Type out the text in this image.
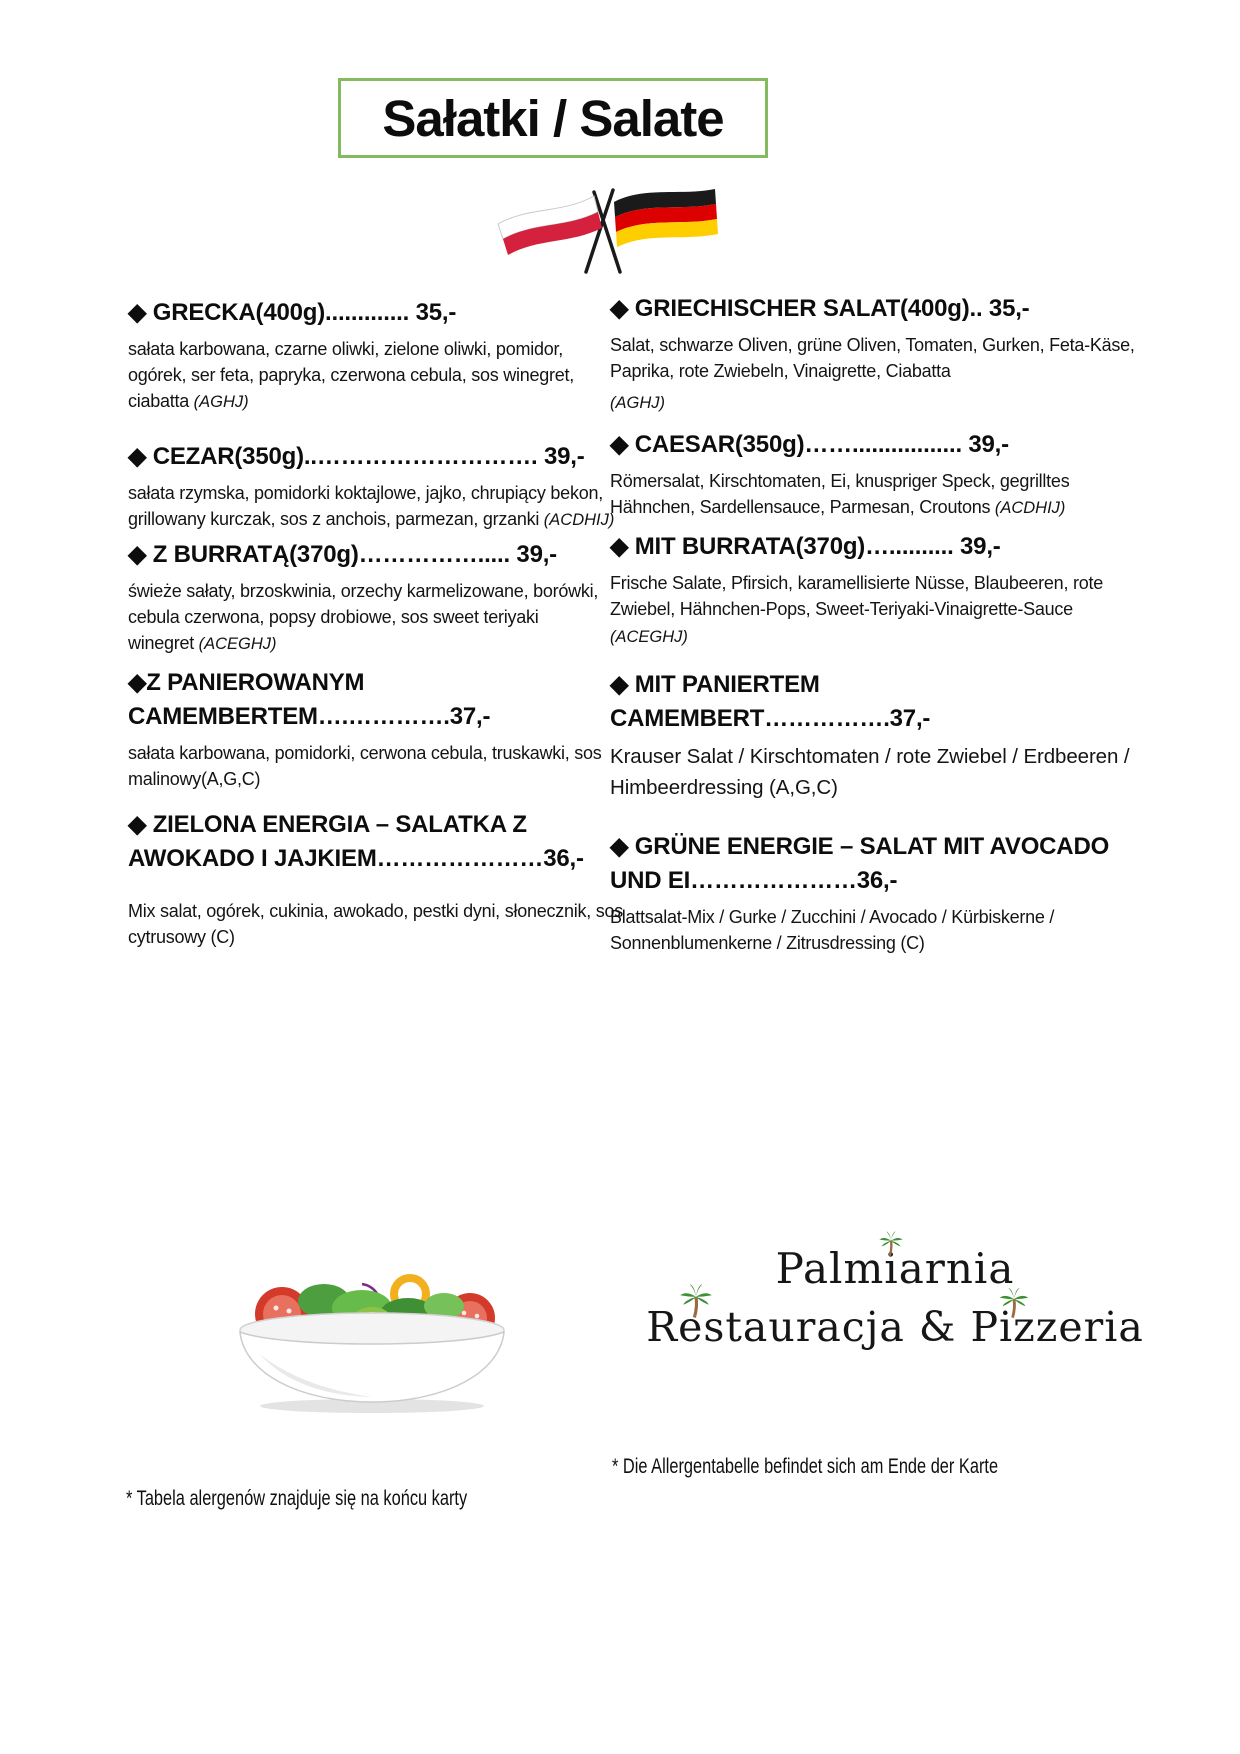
Sałatki / Salate
◆ GRECKA(400g)............. 35,-
sałata karbowana, czarne oliwki, zielone oliwki, pomidor, ogórek, ser feta, papryka, czerwona cebula, sos winegret, ciabatta (AGHJ)
◆ CEZAR(350g)..………………………. 39,-
sałata rzymska, pomidorki koktajlowe, jajko, chrupiący bekon, grillowany kurczak, sos z anchois, parmezan, grzanki (ACDHIJ)
◆ Z BURRATĄ(370g)……………..... 39,-
świeże sałaty, brzoskwinia, orzechy karmelizowane, borówki, cebula czerwona, popsy drobiowe, sos sweet teriyaki winegret (ACEGHJ)
◆Z PANIEROWANYM CAMEMBERTEM….………….37,-
sałata karbowana, pomidorki, cerwona cebula, truskawki, sos malinowy(A,G,C)
◆ ZIELONA ENERGIA – SALATKA Z AWOKADO I JAJKIEM…………………36,-
Mix salat, ogórek, cukinia, awokado, pestki dyni, słonecznik, sos cytrusowy (C)
◆ GRIECHISCHER SALAT(400g).. 35,-
Salat, schwarze Oliven, grüne Oliven, Tomaten, Gurken, Feta-Käse, Paprika, rote Zwiebeln, Vinaigrette, Ciabatta
(AGHJ)
◆ CAESAR(350g)……................. 39,-
Römersalat, Kirschtomaten, Ei, knuspriger Speck, gegrilltes Hähnchen, Sardellensauce, Parmesan, Croutons (ACDHIJ)
◆ MIT BURRATA(370g)….......... 39,-
Frische Salate, Pfirsich, karamellisierte Nüsse, Blaubeeren, rote Zwiebel, Hähnchen-Pops, Sweet-Teriyaki-Vinaigrette-Sauce (ACEGHJ)
◆ MIT PANIERTEM CAMEMBERT…………….37,-
Krauser Salat / Kirschtomaten / rote Zwiebel / Erdbeeren / Himbeerdressing (A,G,C)
◆ GRÜNE ENERGIE – SALAT MIT AVOCADO UND EI…………………36,-
Blattsalat-Mix / Gurke / Zucchini / Avocado / Kürbiskerne / Sonnenblumenkerne / Zitrusdressing (C)
Palmiarnia
Restauracja & Pizzeria
* Die Allergentabelle befindet sich am Ende der Karte
* Tabela alergenów znajduje się na końcu karty
